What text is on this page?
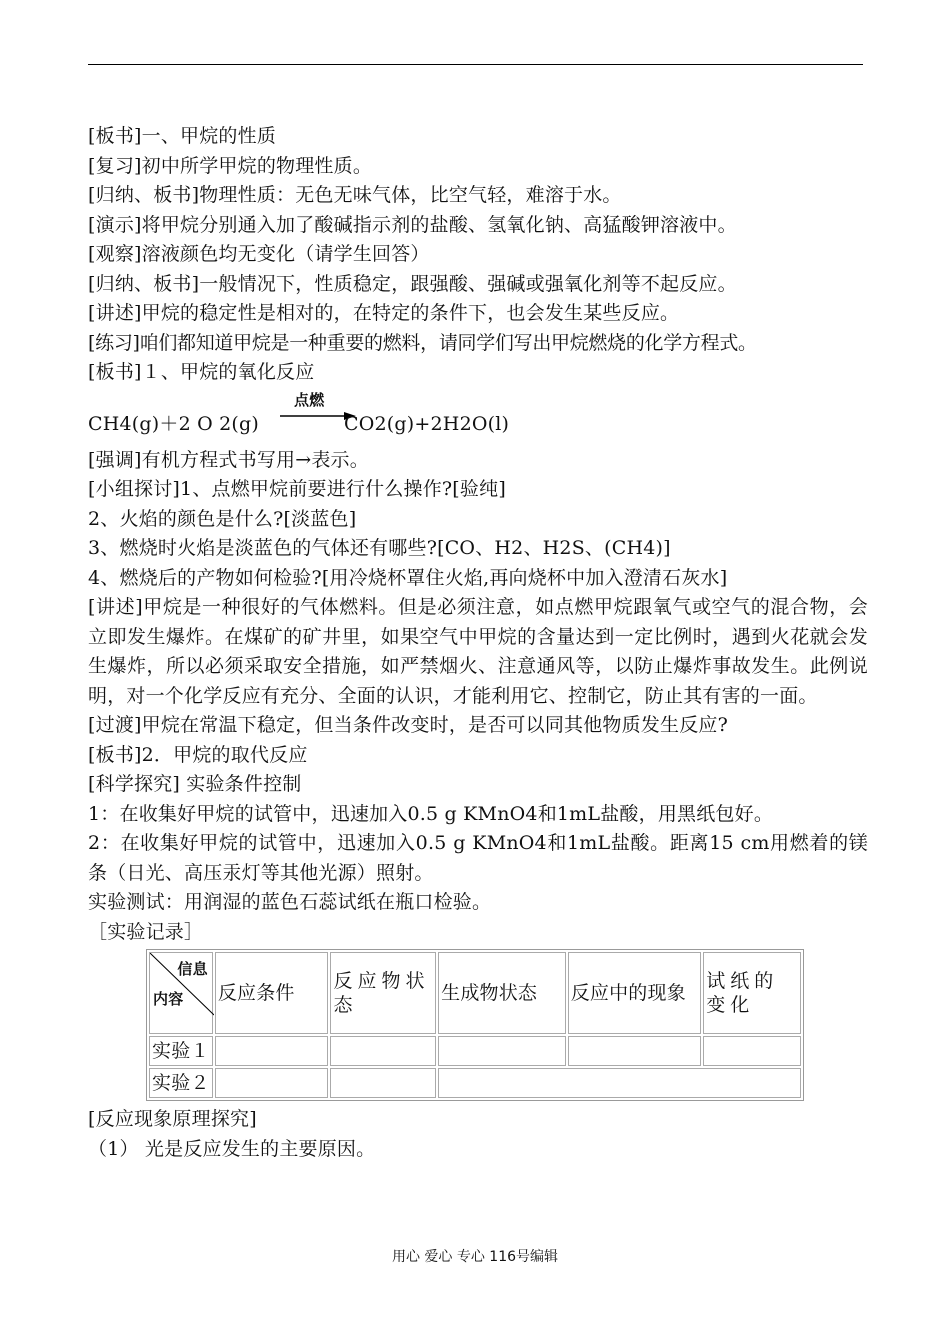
[板书]一、甲烷的性质
[复习]初中所学甲烷的物理性质。
[归纳、板书]物理性质：无色无味气体，比空气轻，难溶于水。
[演示]将甲烷分别通入加了酸碱指示剂的盐酸、氢氧化钠、高猛酸钾溶液中。
[观察]溶液颜色均无变化（请学生回答）
[归纳、板书]一般情况下，性质稳定，跟强酸、强碱或强氧化剂等不起反应。
[讲述]甲烷的稳定性是相对的，在特定的条件下，也会发生某些反应。
[练习]咱们都知道甲烷是一种重要的燃料，请同学们写出甲烷燃烧的化学方程式。
[板书]１、甲烷的氧化反应
CH4(g)＋2 O 2(g)
点燃
CO2(g)+2H2O(l)
[强调]有机方程式书写用→表示。
[小组探讨]1、点燃甲烷前要进行什么操作?[验纯]
2、火焰的颜色是什么?[淡蓝色]
3、燃烧时火焰是淡蓝色的气体还有哪些?[CO、H2、H2S、(CH4)]
4、燃烧后的产物如何检验?[用冷烧杯罩住火焰,再向烧杯中加入澄清石灰水]
[讲述]甲烷是一种很好的气体燃料。但是必须注意，如点燃甲烷跟氧气或空气的混合物，会立即发生爆炸。在煤矿的矿井里，如果空气中甲烷的含量达到一定比例时，遇到火花就会发生爆炸，所以必须采取安全措施，如严禁烟火、注意通风等，以防止爆炸事故发生。此例说明，对一个化学反应有充分、全面的认识，才能利用它、控制它，防止其有害的一面。
[过渡]甲烷在常温下稳定，但当条件改变时，是否可以同其他物质发生反应?
[板书]2．甲烷的取代反应
[科学探究] 实验条件控制
1：在收集好甲烷的试管中，迅速加入0.5 g KMnO4和1mL盐酸，用黑纸包好。
2：在收集好甲烷的试管中，迅速加入0.5 g KMnO4和1mL盐酸。距离15 cm用燃着的镁条（日光、高压汞灯等其他光源）照射。
实验测试：用润湿的蓝色石蕊试纸在瓶口检验。
［实验记录］
信息
内容	反应条件	反应物状态	生成物状态	反应中的现象	试纸的变化
实验１					
实验２					
[反应现象原理探究]
（1） 光是反应发生的主要原因。
用心 爱心 专心 116号编辑
